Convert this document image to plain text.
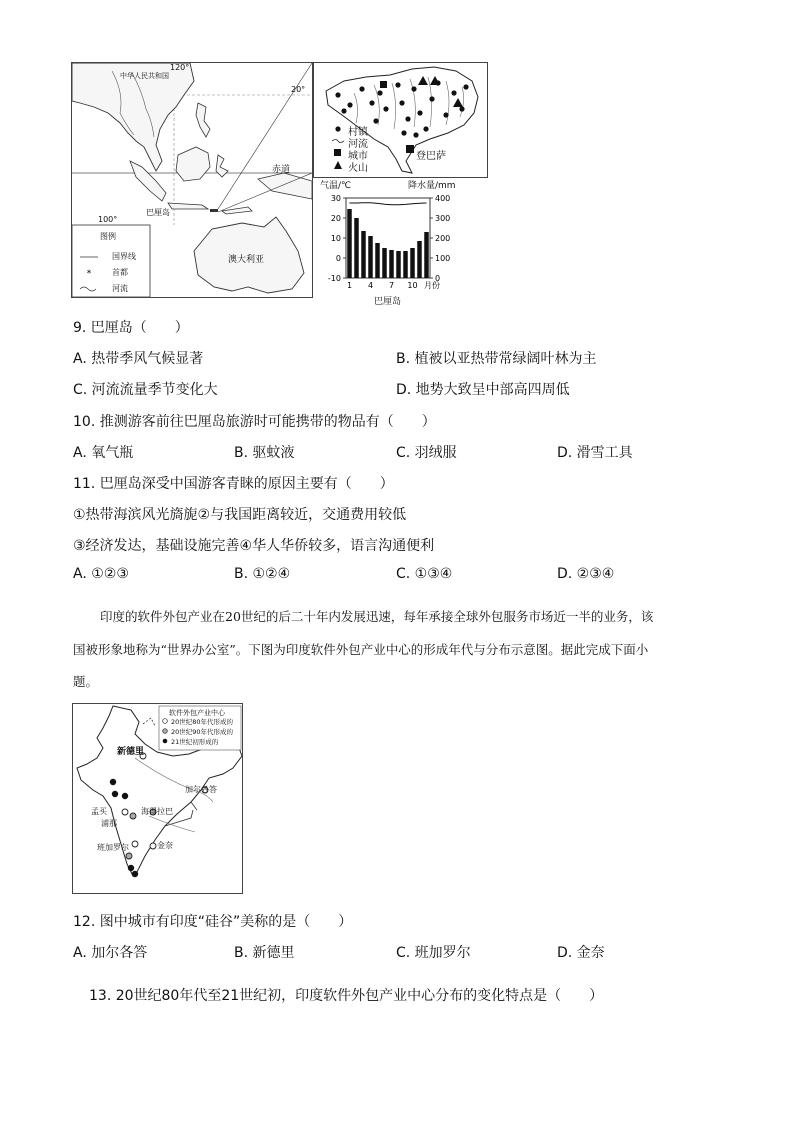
*
中华人民共和国
120°
20°
赤道
100°
巴厘岛
澳大利亚
图例
国界线
首都
河流
村镇
河流
城市
火山
登巴萨
30
20
10
0
-10
400
300
200
100
0
1 4 7 10 月份
气温/℃	降水量/mm
巴厘岛
9. 巴厘岛（　　）
A. 热带季风气候显著	B. 植被以亚热带常绿阔叶林为主
C. 河流流量季节变化大	D. 地势大致呈中部高四周低
10. 推测游客前往巴厘岛旅游时可能携带的物品有（　　）
A. 氧气瓶	B. 驱蚊液	C. 羽绒服	D. 滑雪工具
11. 巴厘岛深受中国游客青睐的原因主要有（　　）
①热带海滨风光旖旎②与我国距离较近，交通费用较低
③经济发达，基础设施完善④华人华侨较多，语言沟通便利
A. ①②③	B. ①②④	C. ①③④	D. ②③④
印度的软件外包产业在20世纪的后二十年内发展迅速，每年承接全球外包服务市场近一半的业务，该
国被形象地称为“世界办公室”。下图为印度软件外包产业中心的形成年代与分布示意图。据此完成下面小
题。
软件外包产业中心
20世纪80年代形成的
20世纪90年代形成的
21世纪初形成的
新德里
加尔各答
孟买
浦那
海得拉巴
班加罗尔	金奈
12. 图中城市有印度“硅谷”美称的是（　　）
A. 加尔各答	B. 新德里	C. 班加罗尔	D. 金奈
13. 20世纪80年代至21世纪初，印度软件外包产业中心分布的变化特点是（　　）
